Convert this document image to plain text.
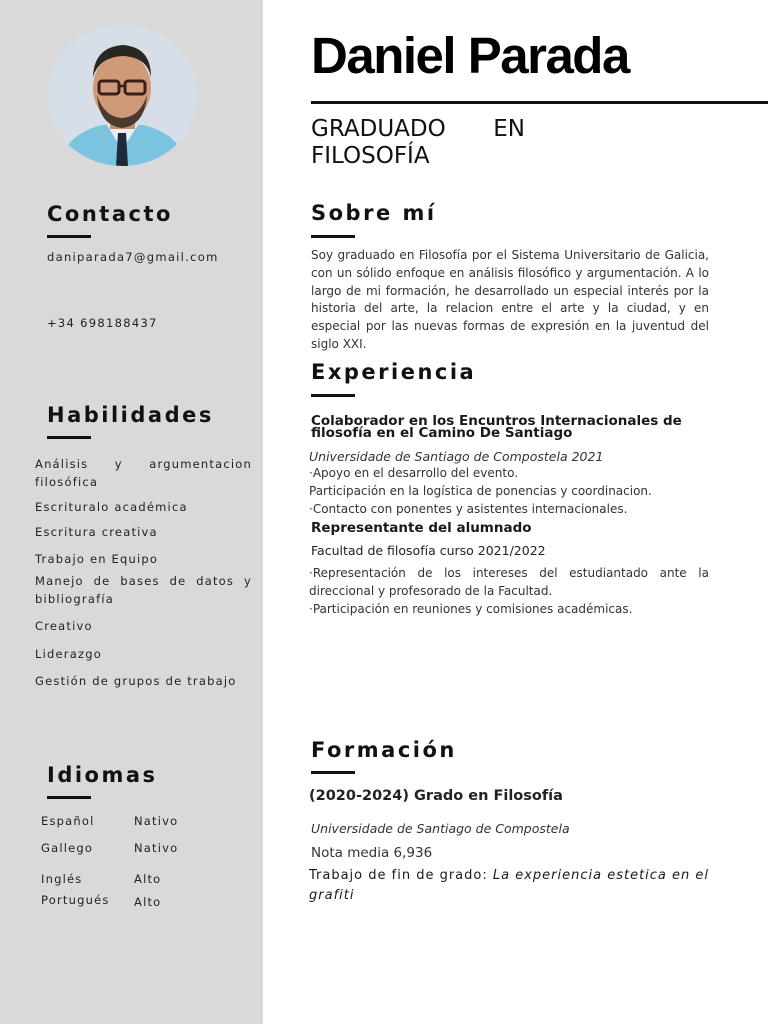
Contacto
daniparada7@gmail.com
+34 698188437
Habilidades
Análisis y argumentacion filosófica
Escrituralo académica
Escritura creativa
Trabajo en Equipo
Manejo de bases de datos y bibliografía
Creativo
Liderazgo
Gestión de grupos de trabajo
Idiomas
Español	Nativo
Gallego	Nativo
Inglés	Alto
Portugués Alto
Daniel Parada
GRADUADO EN
FILOSOFÍA
Sobre mí
Soy graduado en Filosofía por el Sistema Universitario de Galicia, con un sólido enfoque en análisis filosófico y argumentación. A lo largo de mi formación, he desarrollado un especial interés por la historia del arte, la relacion entre el arte y la ciudad, y en especial por las nuevas formas de expresión en la juventud del siglo XXI.
Experiencia
Colaborador en los Encuntros Internacionales de filosofía en el Camino De Santiago
Universidade de Santiago de Compostela 2021
·Apoyo en el desarrollo del evento.
Participación en la logística de ponencias y coordinacion.
·Contacto con ponentes y asistentes internacionales.
Representante del alumnado
Facultad de filosofía curso 2021/2022
·Representación de los intereses del estudiantado ante la direccional y profesorado de la Facultad.
·Participación en reuniones y comisiones académicas.
Formación
(2020-2024) Grado en Filosofía
Universidade de Santiago de Compostela
Nota media 6,936
Trabajo de fin de grado: La experiencia estetica en el grafiti
